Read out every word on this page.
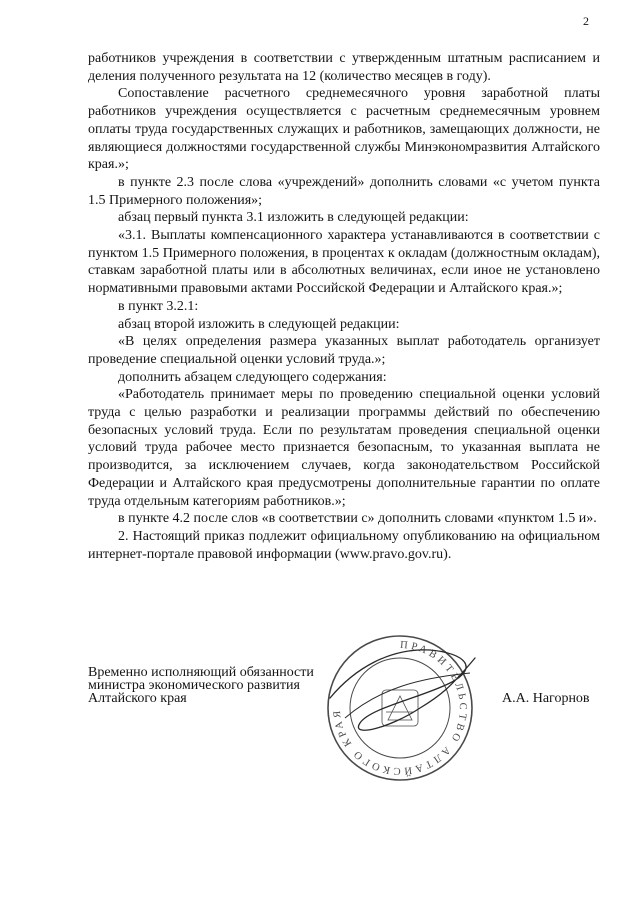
2

работников учреждения в соответствии с утвержденным штатным расписанием и деления полученного результата на 12 (количество месяцев в году).

Сопоставление расчетного среднемесячного уровня заработной платы работников учреждения осуществляется с расчетным среднемесячным уровнем оплаты труда государственных служащих и работников, замещающих должности, не являющиеся должностями государственной службы Минэкономразвития Алтайского края.»;

в пункте 2.3 после слова «учреждений» дополнить словами «с учетом пункта 1.5 Примерного положения»;

абзац первый пункта 3.1 изложить в следующей редакции:

«3.1. Выплаты компенсационного характера устанавливаются в соответствии с пунктом 1.5 Примерного положения, в процентах к окладам (должностным окладам), ставкам заработной платы или в абсолютных величинах, если иное не установлено нормативными правовыми актами Российской Федерации и Алтайского края.»;

в пункт 3.2.1:

абзац второй изложить в следующей редакции:

«В целях определения размера указанных выплат работодатель организует проведение специальной оценки условий труда.»;

дополнить абзацем следующего содержания:

«Работодатель принимает меры по проведению специальной оценки условий труда с целью разработки и реализации программы действий по обеспечению безопасных условий труда. Если по результатам проведения специальной оценки условий труда рабочее место признается безопасным, то указанная выплата не производится, за исключением случаев, когда законодательством Российской Федерации и Алтайского края предусмотрены дополнительные гарантии по оплате труда отдельным категориям работников.»;

в пункте 4.2 после слов «в соответствии с» дополнить словами «пунктом 1.5 и».

2. Настоящий приказ подлежит официальному опубликованию на официальном интернет-портале правовой информации (www.pravo.gov.ru).

Временно исполняющий обязанности
министра экономического развития
Алтайского края
ПРАВИТЕЛЬСТВО АЛТАЙСКОГО КРАЯ
А.А. Нагорнов
